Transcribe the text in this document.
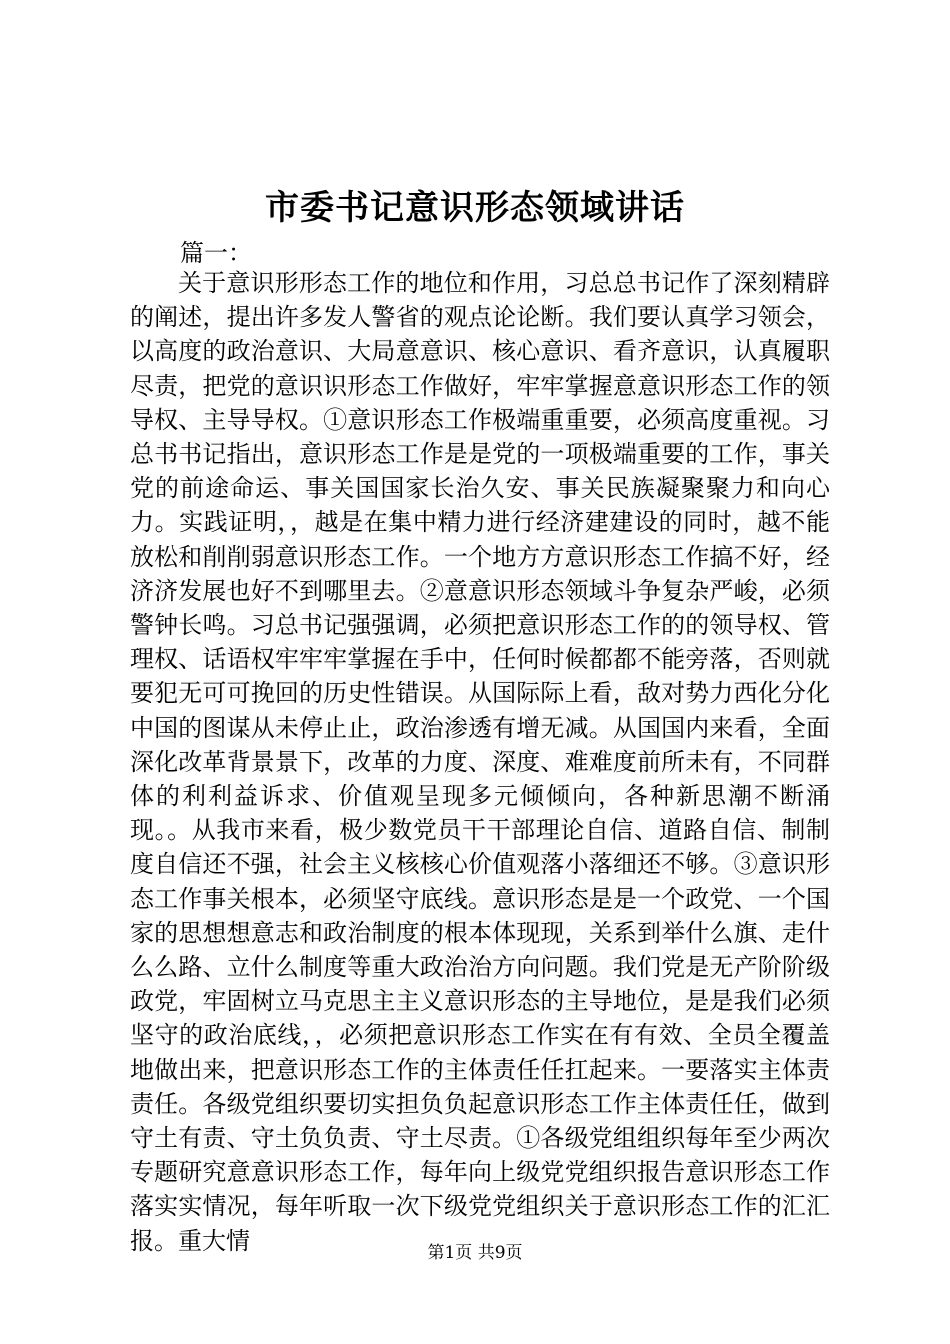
市委书记意识形态领域讲话
篇一：

关于意识形形态工作的地位和作用，习总总书记作了深刻精辟的阐述，提出许多发人警省的观点论论断。我们要认真学习领会，以高度的政治意识、大局意意识、核心意识、看齐意识，认真履职尽责，把党的意识识形态工作做好，牢牢掌握意意识形态工作的领导权、主导导权。①意识形态工作极端重重要，必须高度重视。习总书书记指出，意识形态工作是是党的一项极端重要的工作，事关党的前途命运、事关国国家长治久安、事关民族凝聚聚力和向心力。实践证明，，越是在集中精力进行经济建建设的同时，越不能放松和削削弱意识形态工作。一个地方方意识形态工作搞不好，经济济发展也好不到哪里去。②意意识形态领域斗争复杂严峻，必须警钟长鸣。习总书记强强调，必须把意识形态工作的的领导权、管理权、话语权牢牢牢掌握在手中，任何时候都都不能旁落，否则就要犯无可可挽回的历史性错误。从国际际上看，敌对势力西化分化中国的图谋从未停止止，政治渗透有增无减。从国国内来看，全面深化改革背景景下，改革的力度、深度、难难度前所未有，不同群体的利利益诉求、价值观呈现多元倾倾向，各种新思潮不断涌现。。从我市来看，极少数党员干干部理论自信、道路自信、制制度自信还不强，社会主义核核心价值观落小落细还不够。③意识形态工作事关根本，必须坚守底线。意识形态是是一个政党、一个国家的思想想意志和政治制度的根本体现现，关系到举什么旗、走什么么路、立什么制度等重大政治治方向问题。我们党是无产阶阶级政党，牢固树立马克思主主义意识形态的主导地位，是是我们必须坚守的政治底线，，必须把意识形态工作实在有有效、全员全覆盖地做出来，把意识形态工作的主体责任任扛起来。一要落实主体责责任。各级党组织要切实担负负起意识形态工作主体责任任，做到守土有责、守土负负责、守土尽责。①各级党组组织每年至少两次专题研究意意识形态工作，每年向上级党党组织报告意识形态工作落实实情况，每年听取一次下级党党组织关于意识形态工作的汇汇报。重大情	第1页 共9页
